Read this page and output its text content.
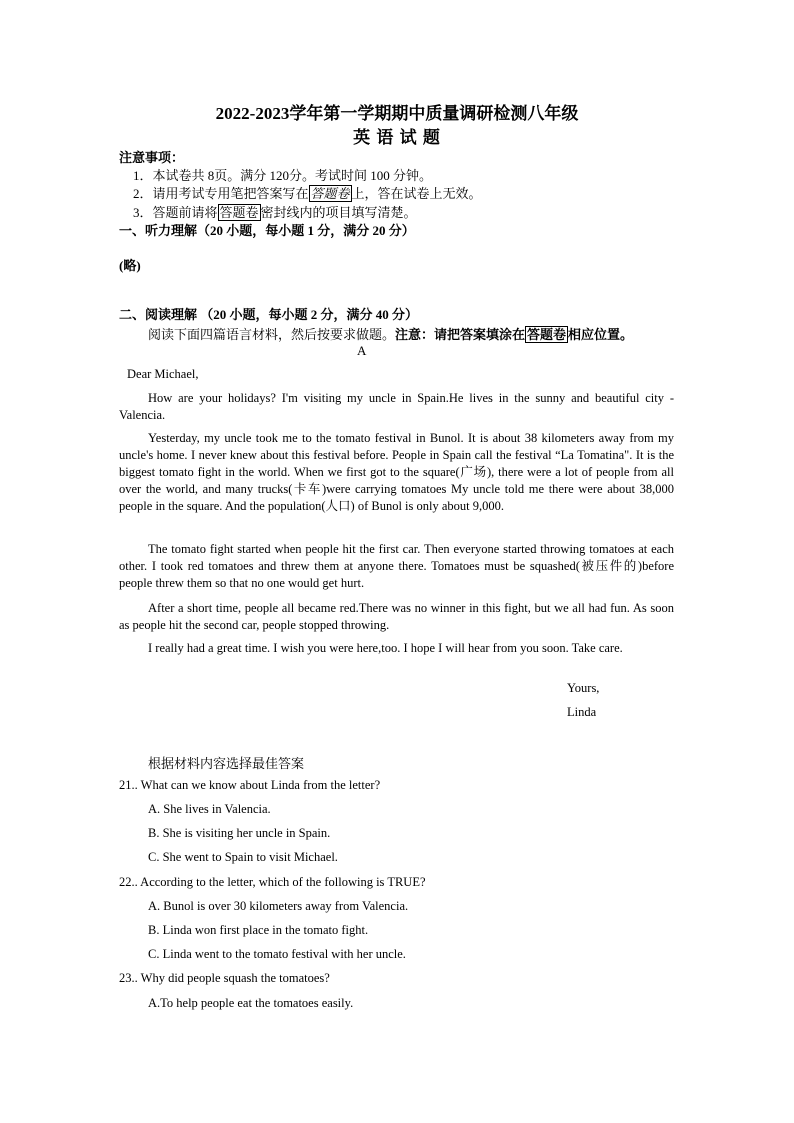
2022-2023学年第一学期期中质量调研检测八年级
英 语 试 题
注意事项：
1．本试卷共 8页。满分 120分。考试时间 100 分钟。
2．请用考试专用笔把答案写在 答题卷 上，答在试卷上无效。
3．答题前请将 答题卷 密封线内的项目填写清楚。
一、听力理解（20 小题，每小题 1 分，满分 20 分）
(略)
二、阅读理解 （20 小题，每小题 2 分，满分 40 分）
阅读下面四篇语言材料，然后按要求做题。注意：请把答案填涂在 答题卷 相应位置。
A
Dear Michael,
How are your holidays? I'm visiting my uncle in Spain.He lives in the sunny and beautiful city -Valencia.
Yesterday, my uncle took me to the tomato festival in Bunol. It is about 38 kilometers away from my uncle's home. I never knew about this festival before. People in Spain call the festival “La Tomatina". It is the biggest tomato fight in the world. When we first got to the square(广场), there were a lot of people from all over the world, and many trucks(卡车)were carrying tomatoes My uncle told me there were about 38,000 people in the square. And the population(人口) of Bunol is only about 9,000.
The tomato fight started when people hit the first car. Then everyone started throwing tomatoes at each other. I took red tomatoes and threw them at anyone there. Tomatoes must be squashed(被压件的)before people threw them so that no one would get hurt.
After a short time, people all became red.There was no winner in this fight, but we all had fun. As soon as people hit the second car, people stopped throwing.
I really had a great time. I wish you were here,too. I hope I will hear from you soon. Take care.
Yours,
Linda
根据材料内容选择最佳答案
21.. What can we know about Linda from the letter?
A. She lives in Valencia.
B. She is visiting her uncle in Spain.
C. She went to Spain to visit Michael.
22.. According to the letter, which of the following is TRUE?
A. Bunol is over 30 kilometers away from Valencia.
B. Linda won first place in the tomato fight.
C. Linda went to the tomato festival with her uncle.
23.. Why did people squash the tomatoes?
A.To help people eat the tomatoes easily.
